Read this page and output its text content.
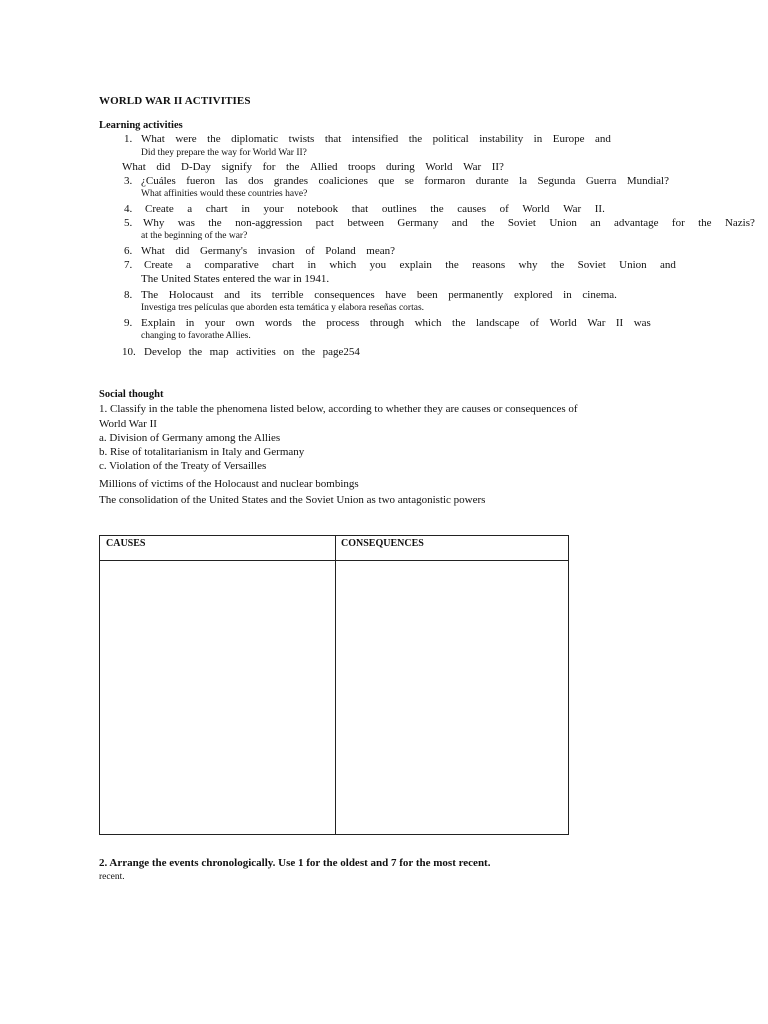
WORLD WAR II ACTIVITIES
Learning activities
1. What were the diplomatic twists that intensified the political instability in Europe and
Did they prepare the way for World War II?
What did D-Day signify for the Allied troops during World War II?
3. ¿Cuáles fueron las dos grandes coaliciones que se formaron durante la Segunda Guerra Mundial?
What affinities would these countries have?
4. Create a chart in your notebook that outlines the causes of World War II.
5. Why was the non-aggression pact between Germany and the Soviet Union an advantage for the Nazis?
at the beginning of the war?
6. What did Germany's invasion of Poland mean?
7. Create a comparative chart in which you explain the reasons why the Soviet Union and
The United States entered the war in 1941.
8. The Holocaust and its terrible consequences have been permanently explored in cinema.
Investiga tres películas que aborden esta temática y elabora reseñas cortas.
9. Explain in your own words the process through which the landscape of World War II was
changing to favorathe Allies.
10. Develop the map activities on the page254
Social thought
1. Classify in the table the phenomena listed below, according to whether they are causes or consequences of
World War II
a. Division of Germany among the Allies
b. Rise of totalitarianism in Italy and Germany
c. Violation of the Treaty of Versailles
Millions of victims of the Holocaust and nuclear bombings
The consolidation of the United States and the Soviet Union as two antagonistic powers
CAUSES	CONSEQUENCES
2. Arrange the events chronologically. Use 1 for the oldest and 7 for the most recent.
recent.
